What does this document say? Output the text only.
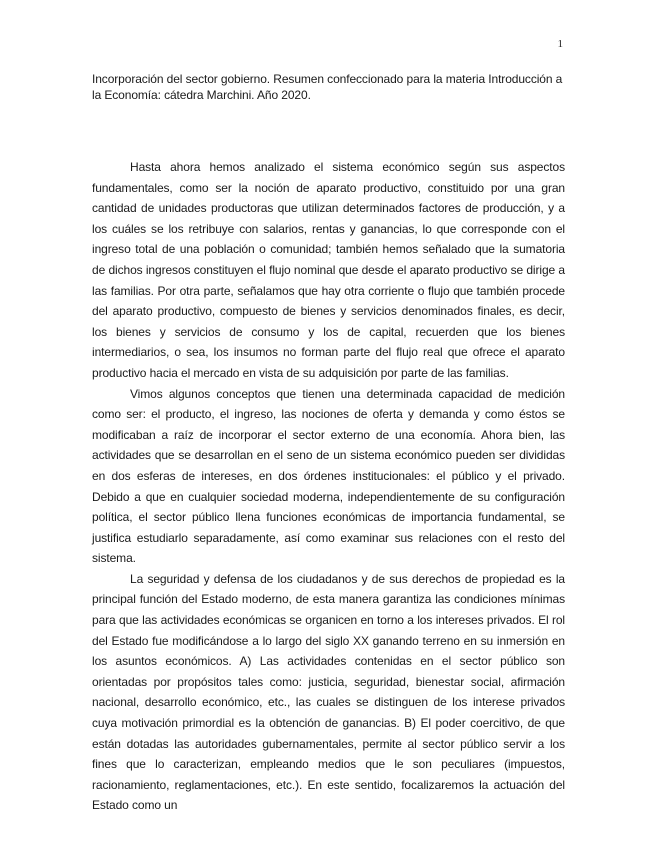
1

Incorporación del sector gobierno. Resumen confeccionado para la materia Introducción a la Economía: cátedra Marchini. Año 2020.

Hasta ahora hemos analizado el sistema económico según sus aspectos fundamentales, como ser la noción de aparato productivo, constituido por una gran cantidad de unidades productoras que utilizan determinados factores de producción, y a los cuáles se los retribuye con salarios, rentas y ganancias, lo que corresponde con el ingreso total de una población o comunidad; también hemos señalado que la sumatoria de dichos ingresos constituyen el flujo nominal que desde el aparato productivo se dirige a las familias. Por otra parte, señalamos que hay otra corriente o flujo que también procede del aparato productivo, compuesto de bienes y servicios denominados finales, es decir, los bienes y servicios de consumo y los de capital, recuerden que los bienes intermediarios, o sea, los insumos no forman parte del flujo real que ofrece el aparato productivo hacia el mercado en vista de su adquisición por parte de las familias.

Vimos algunos conceptos que tienen una determinada capacidad de medición como ser: el producto, el ingreso, las nociones de oferta y demanda y como éstos se modificaban a raíz de incorporar el sector externo de una economía. Ahora bien, las actividades que se desarrollan en el seno de un sistema económico pueden ser divididas en dos esferas de intereses, en dos órdenes institucionales: el público y el privado. Debido a que en cualquier sociedad moderna, independientemente de su configuración política, el sector público llena funciones económicas de importancia fundamental, se justifica estudiarlo separadamente, así como examinar sus relaciones con el resto del sistema.

La seguridad y defensa de los ciudadanos y de sus derechos de propiedad es la principal función del Estado moderno, de esta manera garantiza las condiciones mínimas para que las actividades económicas se organicen en torno a los intereses privados. El rol del Estado fue modificándose a lo largo del siglo XX ganando terreno en su inmersión en los asuntos económicos. A) Las actividades contenidas en el sector público son orientadas por propósitos tales como: justicia, seguridad, bienestar social, afirmación nacional, desarrollo económico, etc., las cuales se distinguen de los interese privados cuya motivación primordial es la obtención de ganancias. B) El poder coercitivo, de que están dotadas las autoridades gubernamentales, permite al sector público servir a los fines que lo caracterizan, empleando medios que le son peculiares (impuestos, racionamiento, reglamentaciones, etc.). En este sentido, focalizaremos la actuación del Estado como un
